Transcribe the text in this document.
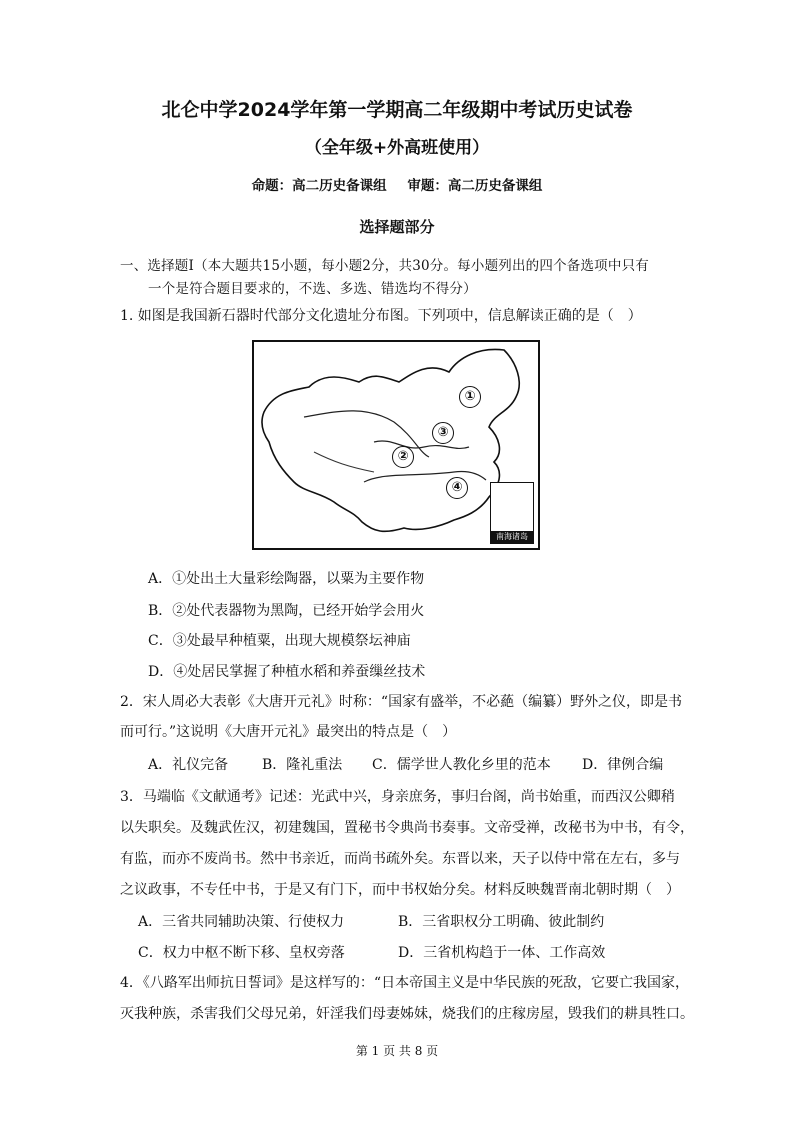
北仑中学2024学年第一学期高二年级期中考试历史试卷
（全年级+外高班使用）
命题：高二历史备课组 审题：高二历史备课组
选择题部分
一、选择题Ⅰ（本大题共15小题，每小题2分，共30分。每小题列出的四个备选项中只有
一个是符合题目要求的，不选、多选、错选均不得分）
1. 如图是我国新石器时代部分文化遗址分布图。下列项中，信息解读正确的是（　）
①
②
③
④
南海诸岛
A．①处出土大量彩绘陶器，以粟为主要作物
B．②处代表器物为黑陶，已经开始学会用火
C．③处最早种植粟，出现大规模祭坛神庙
D．④处居民掌握了种植水稻和养蚕缫丝技术
2．宋人周必大表彰《大唐开元礼》时称：“国家有盛举，不必蕝（编纂）野外之仪，即是书
而可行。”这说明《大唐开元礼》最突出的特点是（　）
A．礼仪完备 B．隆礼重法 C．儒学世人教化乡里的范本 D．律例合编
3．马端临《文献通考》记述：光武中兴，身亲庶务，事归台阁，尚书始重，而西汉公卿稍
以失职矣。及魏武佐汉，初建魏国，置秘书令典尚书奏事。文帝受禅，改秘书为中书，有令，
有监，而亦不废尚书。然中书亲近，而尚书疏外矣。东晋以来，天子以侍中常在左右，多与
之议政事，不专任中书，于是又有门下，而中书权始分矣。材料反映魏晋南北朝时期（　）
A．三省共同辅助决策、行使权力	B．三省职权分工明确、彼此制约
C．权力中枢不断下移、皇权旁落	D．三省机构趋于一体、工作高效
4．《八路军出师抗日誓词》是这样写的：“日本帝国主义是中华民族的死敌，它要亡我国家，
灭我种族，杀害我们父母兄弟，奸淫我们母妻姊妹，烧我们的庄稼房屋，毁我们的耕具牲口。
第 1 页 共 8 页
